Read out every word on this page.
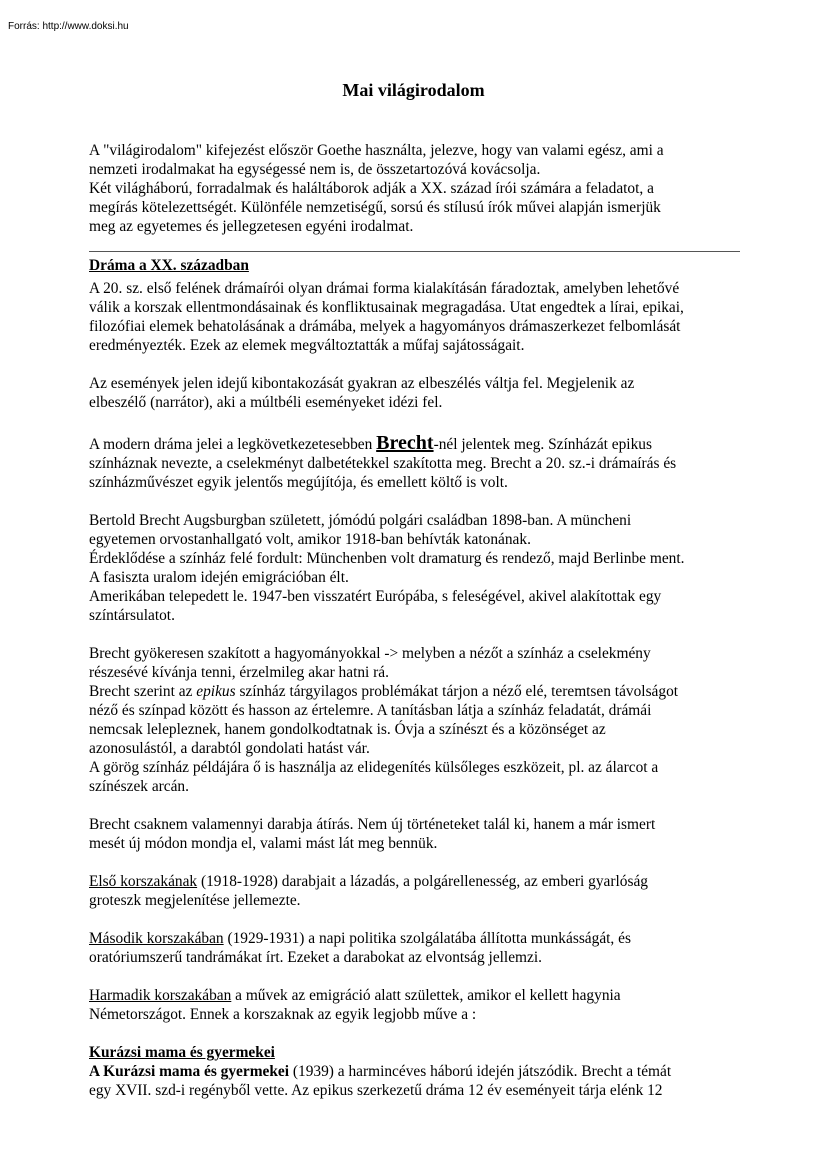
Forrás: http://www.doksi.hu
Mai világirodalom

A "világirodalom" kifejezést először Goethe használta, jelezve, hogy van valami egész, ami a
nemzeti irodalmakat ha egységessé nem is, de összetartozóvá kovácsolja.
Két világháború, forradalmak és haláltáborok adják a XX. század írói számára a feladatot, a
megírás kötelezettségét. Különféle nemzetiségű, sorsú és stílusú írók művei alapján ismerjük
meg az egyetemes és jellegzetesen egyéni irodalmat.

Dráma a XX. században

A 20. sz. első felének drámaírói olyan drámai forma kialakításán fáradoztak, amelyben lehetővé
válik a korszak ellentmondásainak és konfliktusainak megragadása. Utat engedtek a lírai, epikai,
filozófiai elemek behatolásának a drámába, melyek a hagyományos drámaszerkezet felbomlását
eredményezték. Ezek az elemek megváltoztatták a műfaj sajátosságait.

Az események jelen idejű kibontakozását gyakran az elbeszélés váltja fel. Megjelenik az
elbeszélő (narrátor), aki a múltbéli eseményeket idézi fel.

A modern dráma jelei a legkövetkezetesebben Brecht-nél jelentek meg. Színházát epikus
színháznak nevezte, a cselekményt dalbetétekkel szakította meg. Brecht a 20. sz.-i drámaírás és
színházművészet egyik jelentős megújítója, és emellett költő is volt.

Bertold Brecht Augsburgban született, jómódú polgári családban 1898-ban. A müncheni
egyetemen orvostanhallgató volt, amikor 1918-ban behívták katonának.
Érdeklődése a színház felé fordult: Münchenben volt dramaturg és rendező, majd Berlinbe ment.
A fasiszta uralom idején emigrációban élt.
Amerikában telepedett le. 1947-ben visszatért Európába, s feleségével, akivel alakítottak egy
színtársulatot.

Brecht gyökeresen szakított a hagyományokkal -> melyben a nézőt a színház a cselekmény
részesévé kívánja tenni, érzelmileg akar hatni rá.
Brecht szerint az epikus színház tárgyilagos problémákat tárjon a néző elé, teremtsen távolságot
néző és színpad között és hasson az értelemre. A tanításban látja a színház feladatát, drámái
nemcsak lelepleznek, hanem gondolkodtatnak is. Óvja a színészt és a közönséget az
azonosulástól, a darabtól gondolati hatást vár.
A görög színház példájára ő is használja az elidegenítés külsőleges eszközeit, pl. az álarcot a
színészek arcán.

Brecht csaknem valamennyi darabja átírás. Nem új történeteket talál ki, hanem a már ismert
mesét új módon mondja el, valami mást lát meg bennük.

Első korszakának (1918-1928) darabjait a lázadás, a polgárellenesség, az emberi gyarlóság
groteszk megjelenítése jellemezte.

Második korszakában (1929-1931) a napi politika szolgálatába állította munkásságát, és
oratóriumszerű tandrámákat írt. Ezeket a darabokat az elvontság jellemzi.

Harmadik korszakában a művek az emigráció alatt születtek, amikor el kellett hagynia
Németországot. Ennek a korszaknak az egyik legjobb műve a :

Kurázsi mama és gyermekei

A Kurázsi mama és gyermekei (1939) a harmincéves háború idején játszódik. Brecht a témát
egy XVII. szd-i regényből vette. Az epikus szerkezetű dráma 12 év eseményeit tárja elénk 12
